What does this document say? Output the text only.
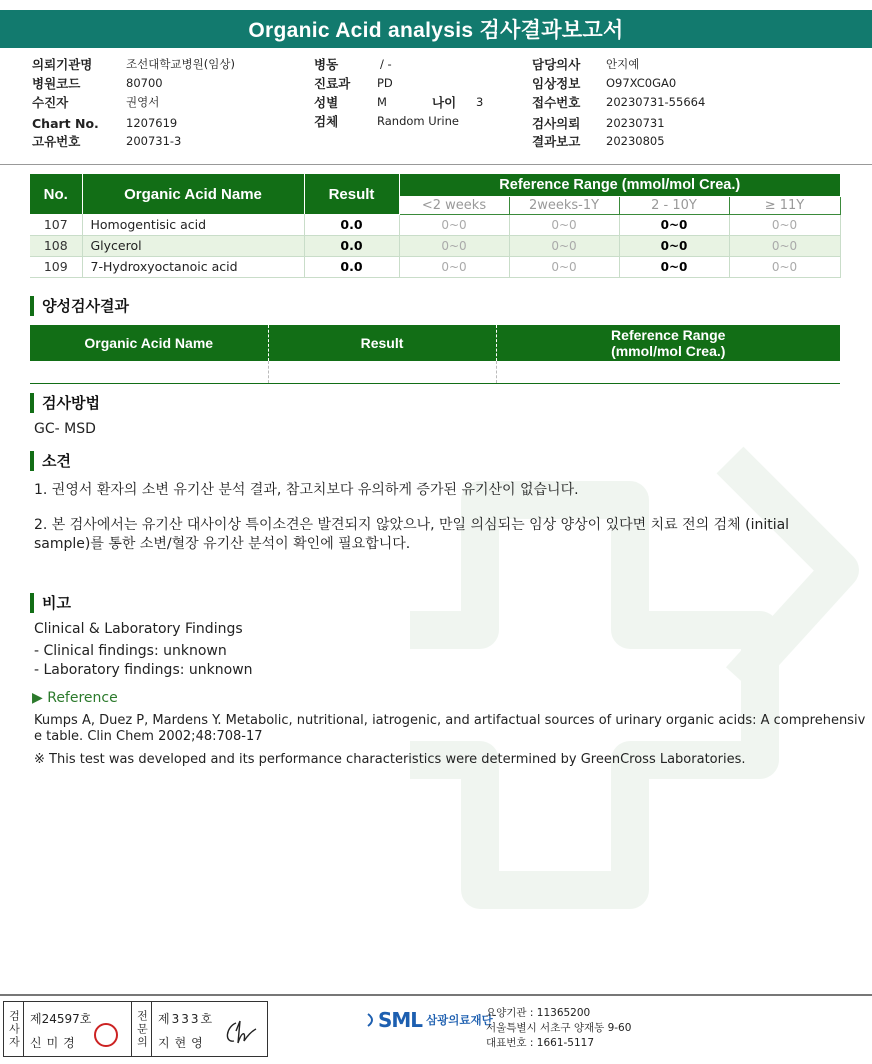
Organic Acid analysis 검사결과보고서
의뢰기관명	조선대학교병원(임상)
병원코드	80700
수진자	권영서
Chart No. 1207619
고유번호	200731-3
병동	/ -
진료과 PD
성별	M	나이 3
검체	Random Urine
담당의사 안지예
임상정보 O97XC0GA0
접수번호 20230731-55664
검사의뢰 20230731
결과보고 20230805
No.	Organic Acid Name	Result	Reference Range (mmol/mol Crea.)			
			<2 weeks	2weeks-1Y	2 - 10Y	≥ 11Y
107	Homogentisic acid	0.0	0~0	0~0	0~0	0~0
108	Glycerol	0.0	0~0	0~0	0~0	0~0
109	7-Hydroxyoctanoic acid	0.0	0~0	0~0	0~0	0~0
양성검사결과
Organic Acid Name	Result	Reference Range
(mmol/mol Crea.)

검사방법
GC- MSD
소견
1. 권영서 환자의 소변 유기산 분석 결과, 참고치보다 유의하게 증가된 유기산이 없습니다.
2. 본 검사에서는 유기산 대사이상 특이소견은 발견되지 않았으나, 만일 의심되는 임상 양상이 있다면 치료 전의 검체 (initial
sample)를 통한 소변/혈장 유기산 분석이 확인에 필요합니다.
비고
Clinical & Laboratory Findings
- Clinical findings: unknown
- Laboratory findings: unknown
▶ Reference
Kumps A, Duez P, Mardens Y. Metabolic, nutritional, iatrogenic, and artifactual sources of urinary organic acids: A comprehensiv
e table. Clin Chem 2002;48:708-17
※ This test was developed and its performance characteristics were determined by GreenCross Laboratories.
검사자 제24597호
신미경	전문의 제333호
지현영
SML 삼광의료재단
요양기관 : 11365200
서울특별시 서초구 양재동 9-60
대표번호 : 1661-5117
